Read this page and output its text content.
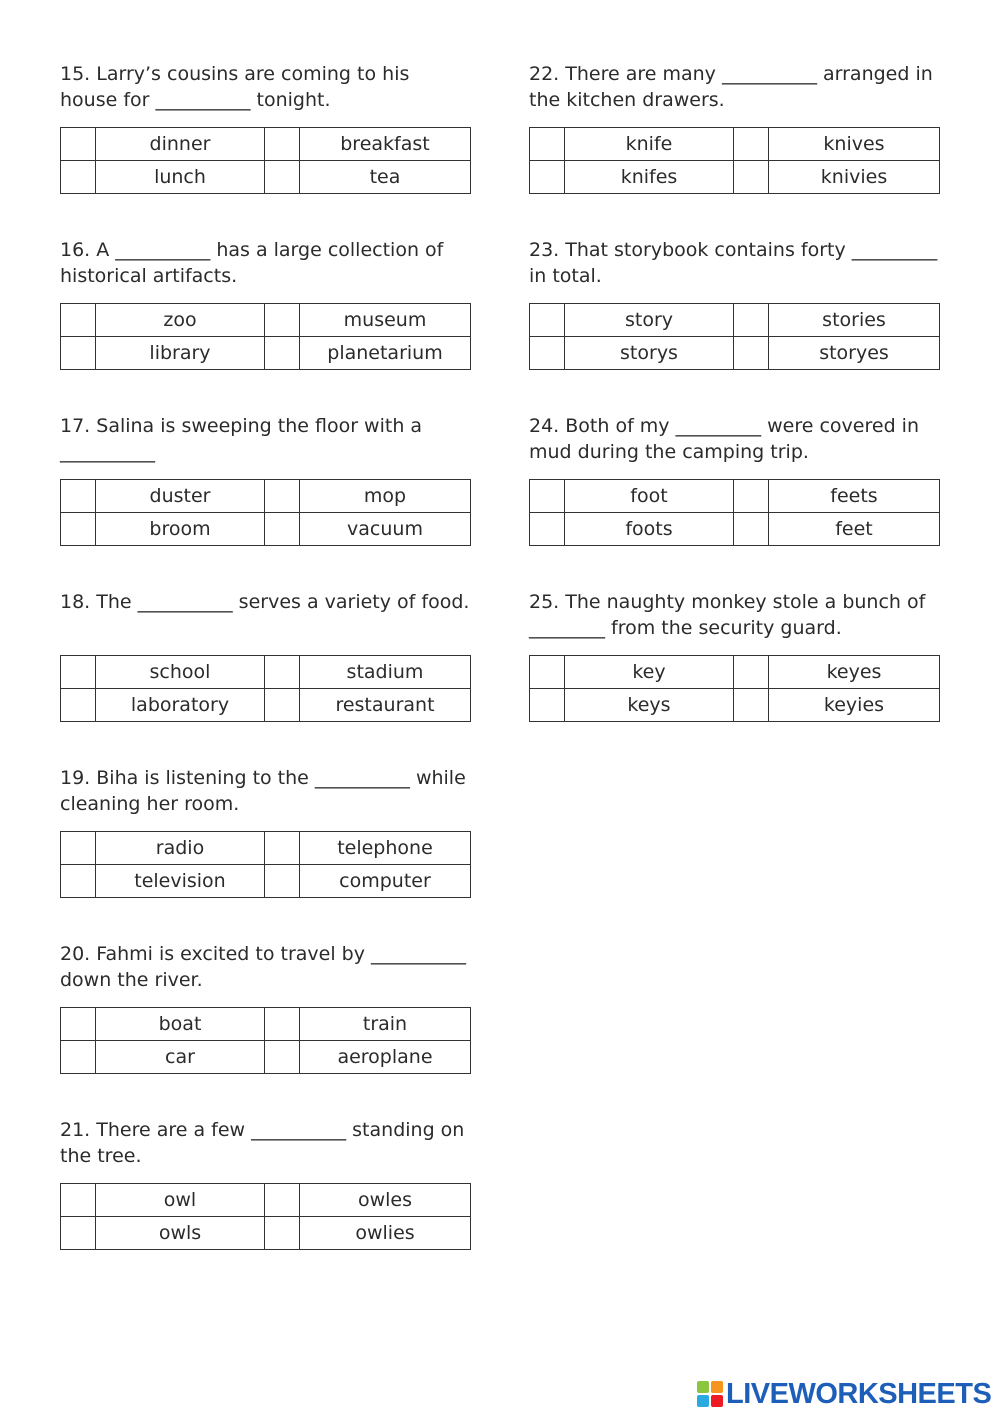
15. Larry’s cousins are coming to his house for __________ tonight.

	dinner		breakfast
	lunch		tea

16. A __________ has a large collection of historical artifacts.

	zoo		museum
	library		planetarium

17. Salina is sweeping the floor with a __________

	duster		mop
	broom		vacuum

18. The __________ serves a variety of food.

	school		stadium
	laboratory		restaurant

19. Biha is listening to the __________ while cleaning her room.

	radio		telephone
	television		computer

20. Fahmi is excited to travel by __________ down the river.

	boat		train
	car		aeroplane

21. There are a few __________ standing on the tree.

	owl		owles
	owls		owlies

22. There are many __________ arranged in the kitchen drawers.

	knife		knives
	knifes		knivies

23. That storybook contains forty _________ in total.

	story		stories
	storys		storyes

24. Both of my _________ were covered in mud during the camping trip.

	foot		feets
	foots		feet

25. The naughty monkey stole a bunch of ________ from the security guard.

	key		keyes
	keys		keyies
LIVEWORKSHEETS
